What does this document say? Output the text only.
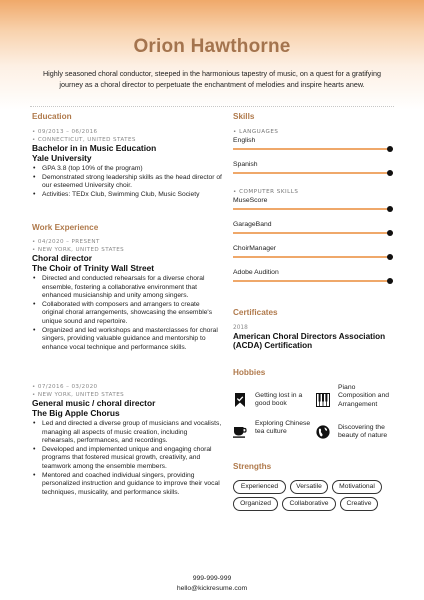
Orion Hawthorne
Highly seasoned choral conductor, steeped in the harmonious tapestry of music, on a quest for a gratifying journey as a choral director to perpetuate the enchantment of melodies and inspire hearts anew.
Education
• 09/2013 – 06/2016
• CONNECTICUT, UNITED STATES
Bachelor in in Music Education
Yale University
• GPA 3.8 (top 10% of the program)
• Demonstrated strong leadership skills as the head director of our esteemed University choir.
• Activities: TEDx Club, Swimming Club, Music Society
Work Experience
• 04/2020 – PRESENT
• NEW YORK, UNITED STATES
Choral director
The Choir of Trinity Wall Street
• Directed and conducted rehearsals for a diverse choral ensemble, fostering a collaborative environment that enhanced musicianship and unity among singers.
• Collaborated with composers and arrangers to create original choral arrangements, showcasing the ensemble's unique sound and repertoire.
• Organized and led workshops and masterclasses for choral singers, providing valuable guidance and mentorship to enhance vocal technique and performance skills.
• 07/2016 – 03/2020
• NEW YORK, UNITED STATES
General music / choral director
The Big Apple Chorus
• Led and directed a diverse group of musicians and vocalists, managing all aspects of music creation, including rehearsals, performances, and recordings.
• Developed and implemented unique and engaging choral programs that fostered musical growth, creativity, and teamwork among the ensemble members.
• Mentored and coached individual singers, providing personalized instruction and guidance to improve their vocal techniques, musicality, and performance skills.
Skills
• LANGUAGES
English
Spanish
• COMPUTER SKILLS
MuseScore
GarageBand
ChoirManager
Adobe Audition
Certificates
2018
American Choral Directors Association (ACDA) Certification
Hobbies
Getting lost in a good book
Piano Composition and Arrangement
Exploring Chinese tea culture
Discovering the beauty of nature
Strengths
Experienced	Versatile	Motivational
Organized	Collaborative	Creative
999-999-999
hello@kickresume.com
